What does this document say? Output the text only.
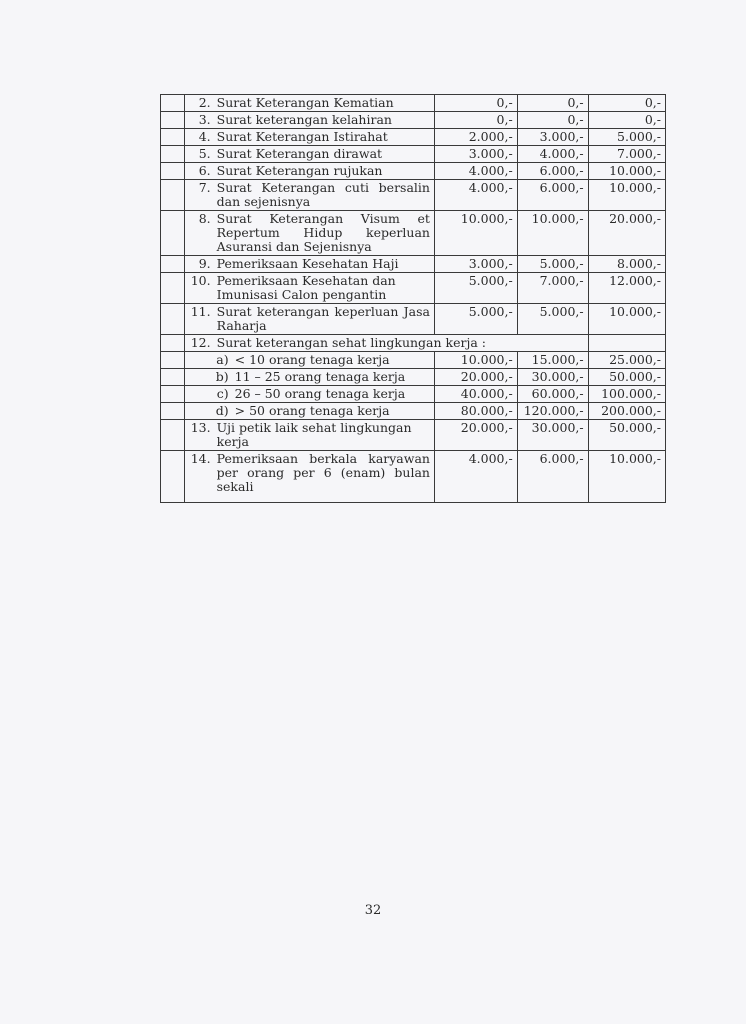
	2. Surat Keterangan Kematian	0,-	0,-	0,-

	3. Surat keterangan kelahiran	0,-	0,-	0,-

	4. Surat Keterangan Istirahat	2.000,-	3.000,-	5.000,-

	5. Surat Keterangan dirawat	3.000,-	4.000,-	7.000,-

	6. Surat Keterangan rujukan	4.000,-	6.000,-	10.000,-

	7. Surat Keterangan cuti bersalin dan sejenisnya	4.000,-	6.000,-	10.000,-

	8. Surat Keterangan Visum et Repertum Hidup keperluan Asuransi dan Sejenisnya	10.000,-	10.000,-	20.000,-

	9. Pemeriksaan Kesehatan Haji	3.000,-	5.000,-	8.000,-

	10. Pemeriksaan Kesehatan dan Imunisasi Calon pengantin	5.000,-	7.000,-	12.000,-

	11. Surat keterangan keperluan Jasa Raharja	5.000,-	5.000,-	10.000,-

	12. Surat keterangan sehat lingkungan kerja :			

	a) < 10 orang tenaga kerja	10.000,-	15.000,-	25.000,-

	b) 11 – 25 orang tenaga kerja	20.000,-	30.000,-	50.000,-

	c) 26 – 50 orang tenaga kerja	40.000,-	60.000,-	100.000,-

	d) > 50 orang tenaga kerja	80.000,-	120.000,-	200.000,-

	13. Uji petik laik sehat lingkungan kerja	20.000,-	30.000,-	50.000,-

	14. Pemeriksaan berkala karyawan per orang per 6 (enam) bulan sekali	4.000,-	6.000,-	10.000,-
32
